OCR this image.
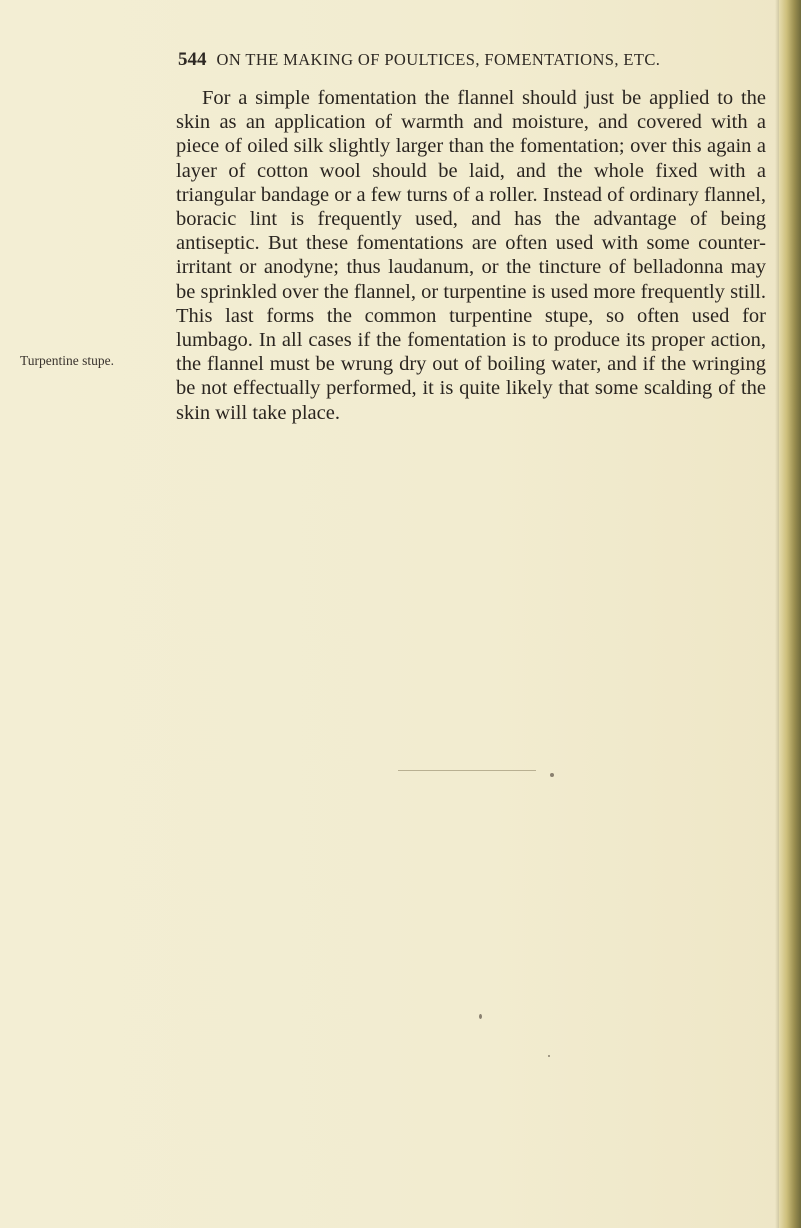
544 ON THE MAKING OF POULTICES, FOMENTATIONS, ETC.
Turpentine stupe.

For a simple fomentation the flannel should just be applied to the skin as an application of warmth and moisture, and covered with a piece of oiled silk slightly larger than the fomentation; over this again a layer of cotton wool should be laid, and the whole fixed with a triangular bandage or a few turns of a roller. Instead of ordinary flannel, boracic lint is frequently used, and has the advantage of being antiseptic. But these fomentations are often used with some counter-irritant or anodyne; thus laudanum, or the tincture of belladonna may be sprinkled over the flannel, or turpentine is used more frequently still. This last forms the common turpentine stupe, so often used for lumbago. In all cases if the fomentation is to produce its proper action, the flannel must be wrung dry out of boiling water, and if the wringing be not effectually performed, it is quite likely that some scalding of the skin will take place.
